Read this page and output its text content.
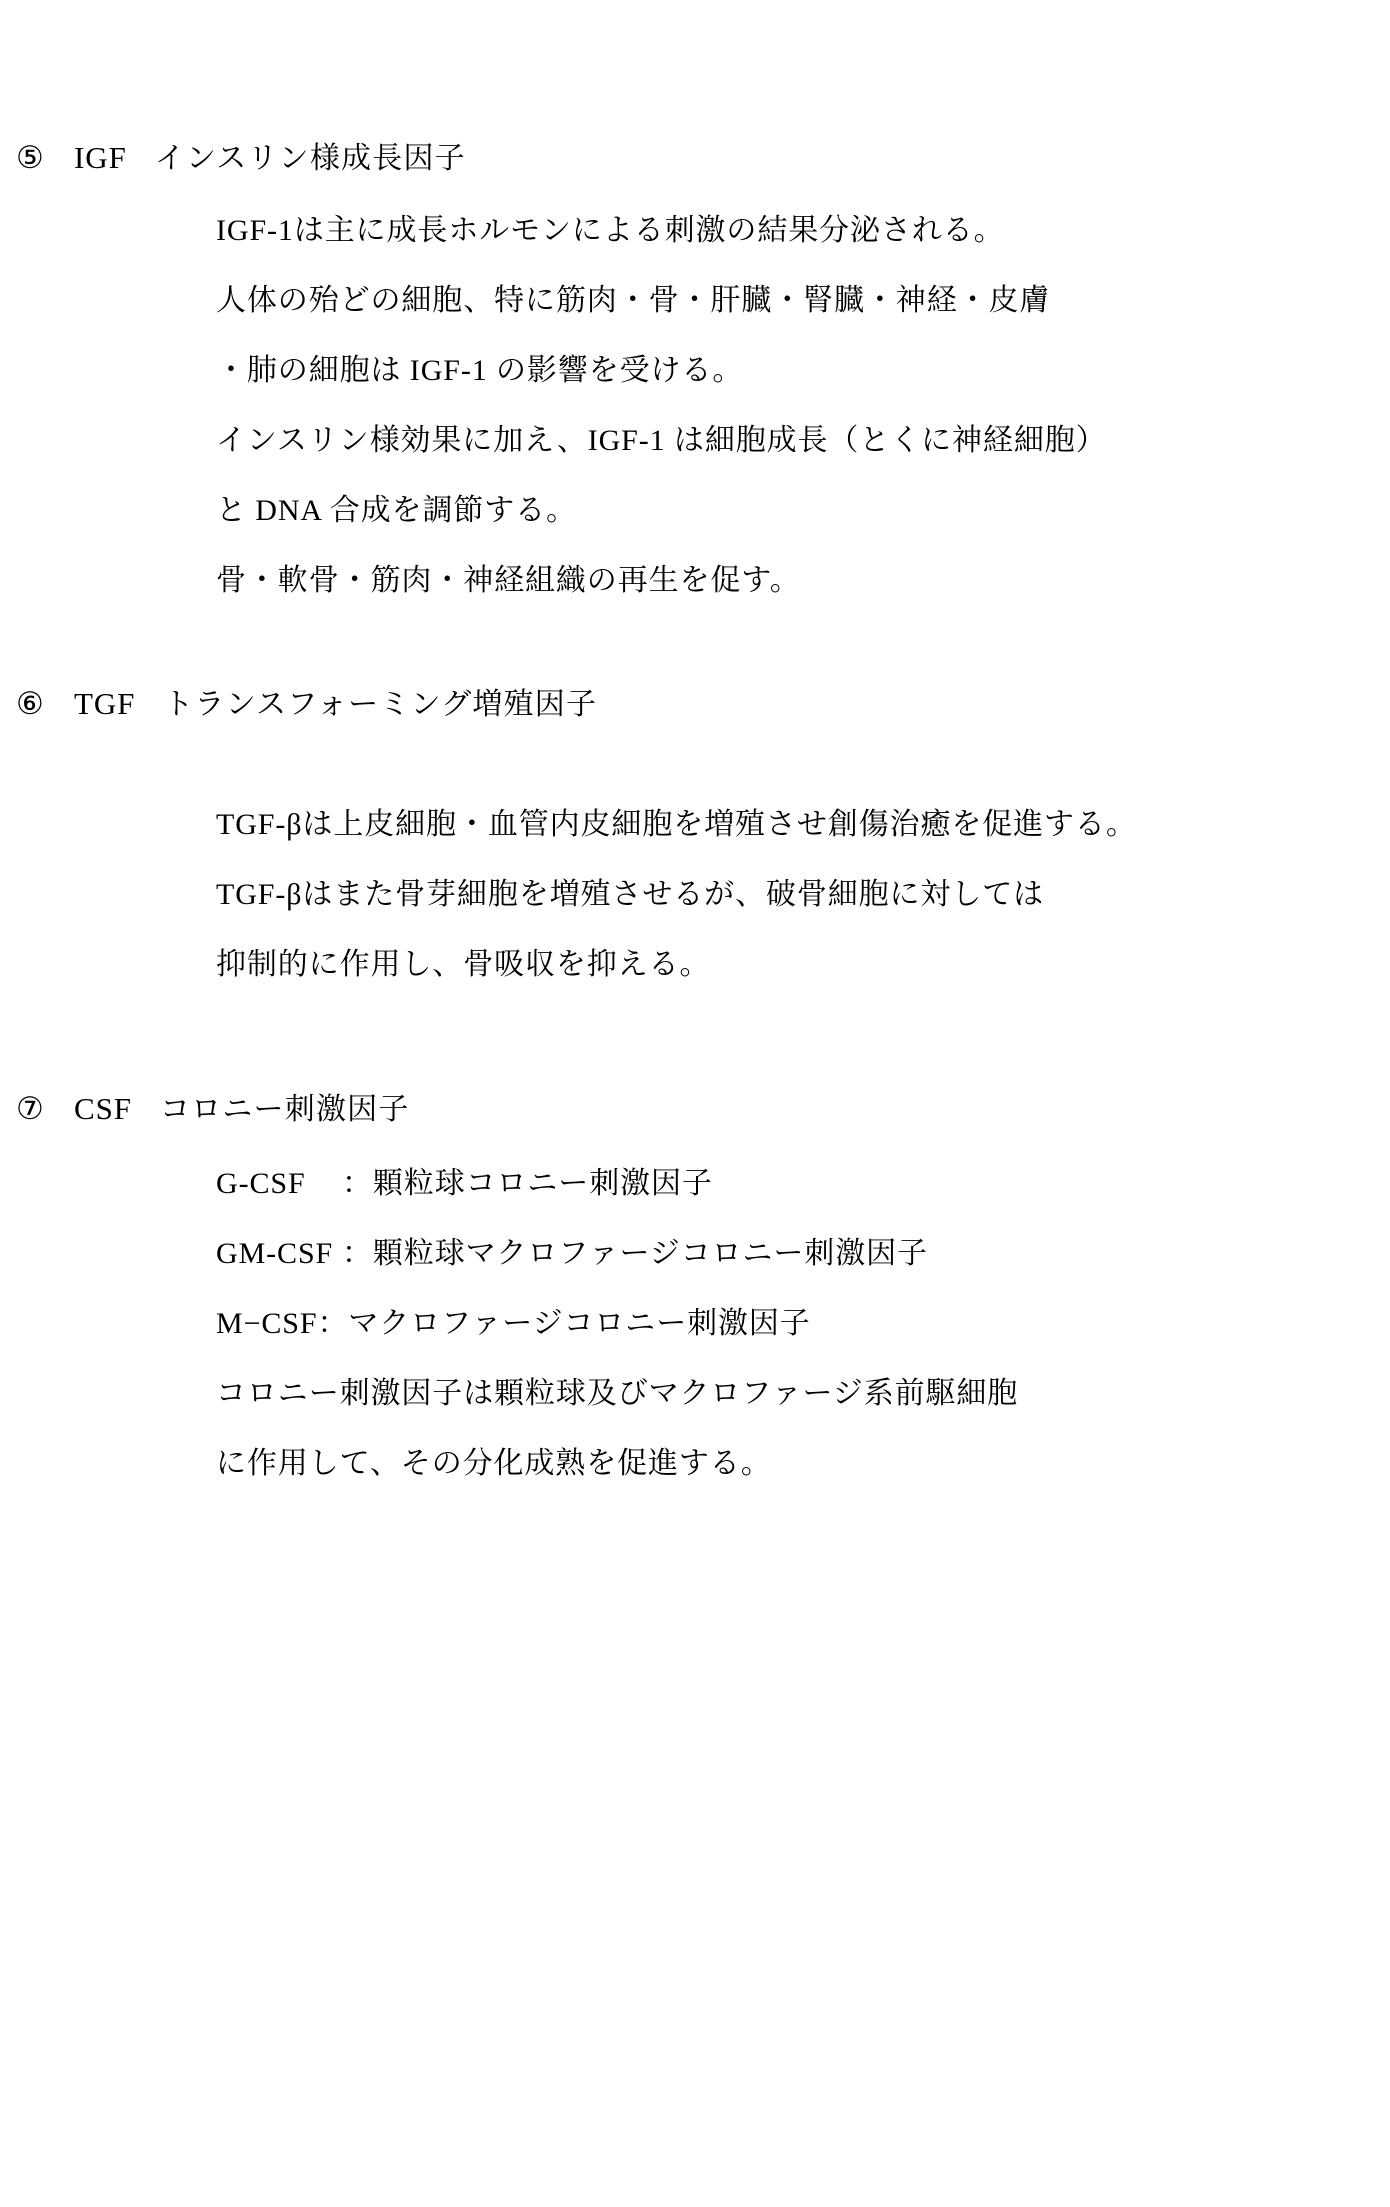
⑤ IGF インスリン様成長因子
IGF-1は主に成長ホルモンによる刺激の結果分泌される。
人体の殆どの細胞、特に筋肉・骨・肝臓・腎臓・神経・皮膚
・肺の細胞は IGF-1 の影響を受ける。
インスリン様効果に加え、IGF-1 は細胞成長（とくに神経細胞）
と DNA 合成を調節する。
骨・軟骨・筋肉・神経組織の再生を促す。
⑥ TGF トランスフォーミング増殖因子
TGF-βは上皮細胞・血管内皮細胞を増殖させ創傷治癒を促進する。
TGF-βはまた骨芽細胞を増殖させるが、破骨細胞に対しては
抑制的に作用し、骨吸収を抑える。
⑦ CSF コロニー刺激因子
G-CSF	： 顆粒球コロニー刺激因子
GM-CSF ： 顆粒球マクロファージコロニー刺激因子
M−CSF ： マクロファージコロニー刺激因子
コロニー刺激因子は顆粒球及びマクロファージ系前駆細胞
に作用して、その分化成熟を促進する。
